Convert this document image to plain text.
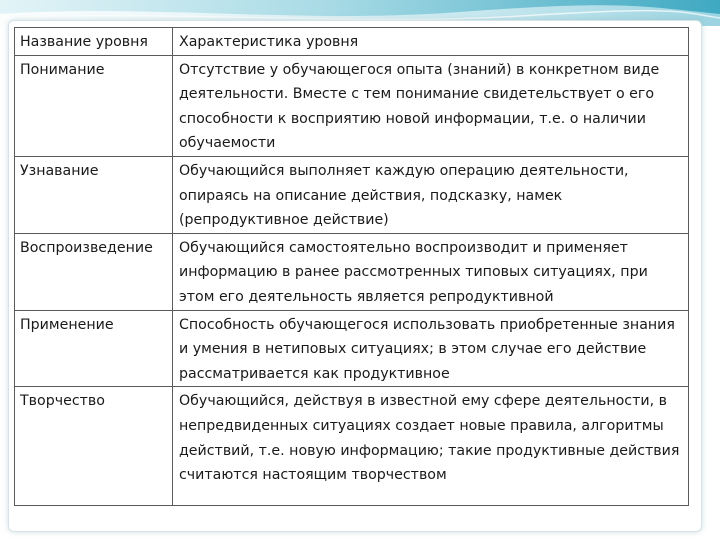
Название уровня	Характеристика уровня
Понимание	Отсутствие у обучающегося опыта (знаний) в конкретном виде деятельности. Вместе с тем понимание свидетельствует о его способности к восприятию новой информации, т.е. о наличии обучаемости
Узнавание	Обучающийся выполняет каждую операцию деятельности, опираясь на описание действия, подсказку, намек (репродуктивное действие)
Воспроизведение	Обучающийся самостоятельно воспроизводит и применяет информацию в ранее рассмотренных типовых ситуациях, при этом его деятельность является репродуктивной
Применение	Способность обучающегося использовать приобретенные знания и умения в нетиповых ситуациях; в этом случае его действие рассматривается как продуктивное
Творчество	Обучающийся, действуя в известной ему сфере деятельности, в непредвиденных ситуациях создает новые правила, алгоритмы действий, т.е. новую информацию; такие продуктивные действия считаются настоящим творчеством
